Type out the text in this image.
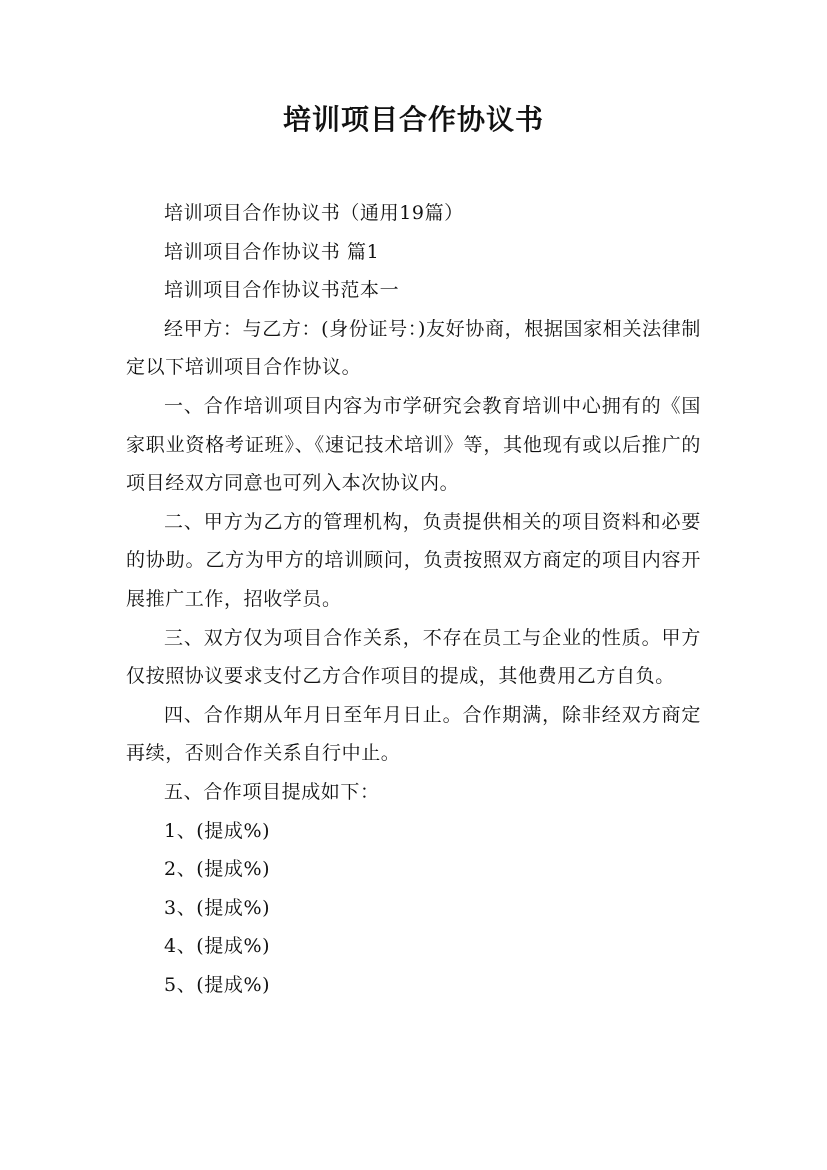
培训项目合作协议书

培训项目合作协议书（通用19篇）

培训项目合作协议书 篇1

培训项目合作协议书范本一

经甲方：与乙方：(身份证号：)友好协商，根据国家相关法律制定以下培训项目合作协议。

一、合作培训项目内容为市学研究会教育培训中心拥有的《国家职业资格考证班》、《速记技术培训》等，其他现有或以后推广的项目经双方同意也可列入本次协议内。

二、甲方为乙方的管理机构，负责提供相关的项目资料和必要的协助。乙方为甲方的培训顾问，负责按照双方商定的项目内容开展推广工作，招收学员。

三、双方仅为项目合作关系，不存在员工与企业的性质。甲方仅按照协议要求支付乙方合作项目的提成，其他费用乙方自负。

四、合作期从年月日至年月日止。合作期满，除非经双方商定再续，否则合作关系自行中止。

五、合作项目提成如下：

1、(提成%)

2、(提成%)

3、(提成%)

4、(提成%)

5、(提成%)
